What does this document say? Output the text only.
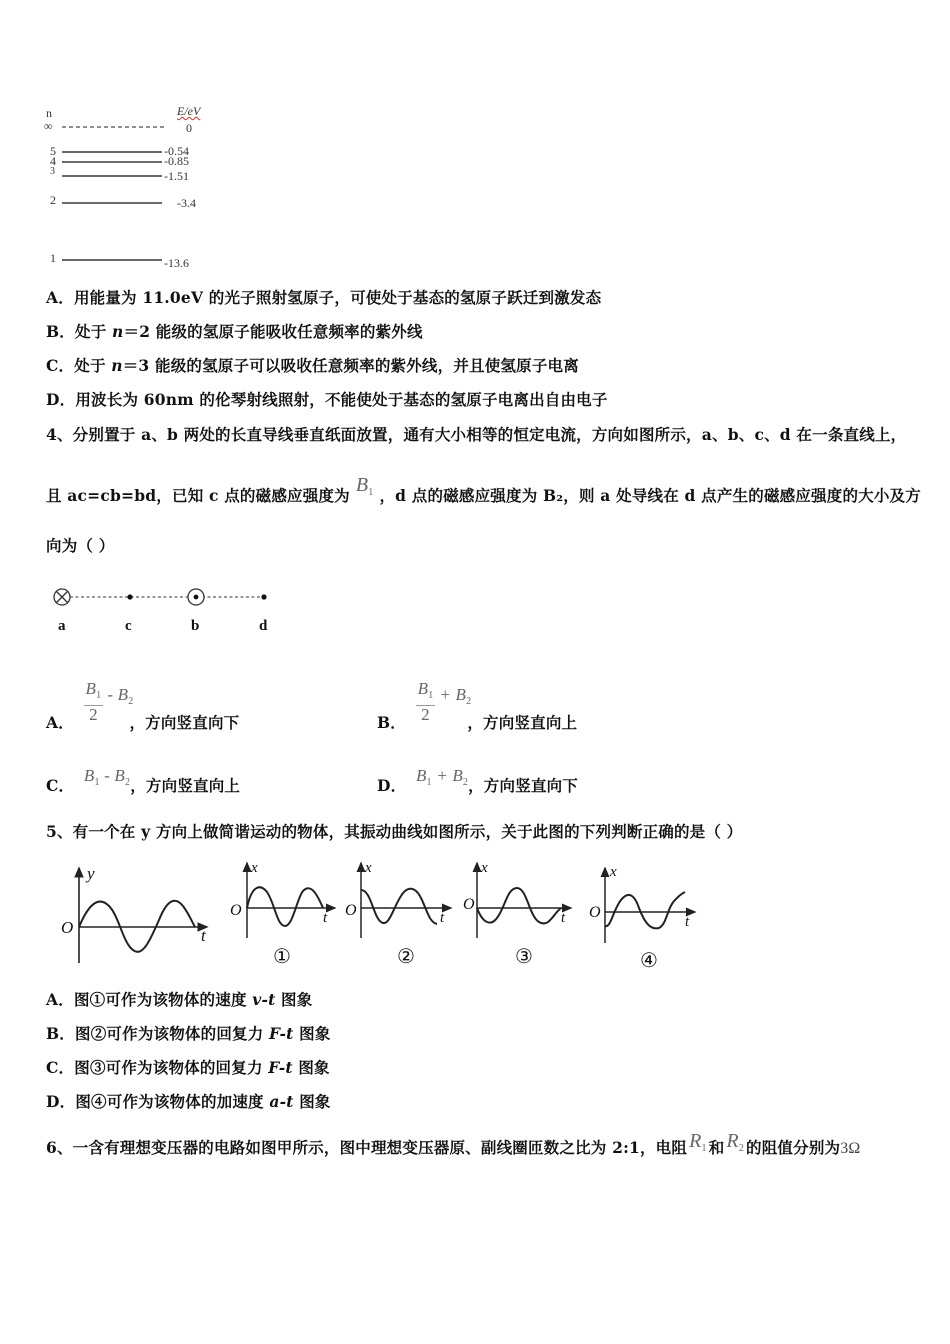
n	E/eV
∞	0
5	-0.54
4	-0.85
3	-1.51
2	-3.4
1	-13.6
A．用能量为 11.0eV 的光子照射氢原子，可使处于基态的氢原子跃迁到激发态
B．处于 n＝2 能级的氢原子能吸收任意频率的紫外线
C．处于 n＝3 能级的氢原子可以吸收任意频率的紫外线，并且使氢原子电离
D．用波长为 60nm 的伦琴射线照射，不能使处于基态的氢原子电离出自由电子
4、分别置于 a、b 两处的长直导线垂直纸面放置，通有大小相等的恒定电流，方向如图所示，a、b、c、d 在一条直线上，
且 ac=cb=bd，已知 c 点的磁感应强度为 $B_1$ ，d 点的磁感应强度为 B₂，则 a 处导线在 d 点产生的磁感应强度的大小及方
向为（ ）
a	c	b	d
A． $\frac{B_1}{2} - B_2$，方向竖直向下	B． $\frac{B_1}{2} + B_2$，方向竖直向上
C． $B_1 - B_2$，方向竖直向上	D． $B_1 + B_2$，方向竖直向下
5、有一个在 y 方向上做简谐运动的物体，其振动曲线如图所示，关于此图的下列判断正确的是（ ）
y
O	t
x
O	t
①
x
O	t
②
x
O
t
③
x
O
t
④
A．图①可作为该物体的速度 v-t 图象
B．图②可作为该物体的回复力 F-t 图象
C．图③可作为该物体的回复力 F-t 图象
D．图④可作为该物体的加速度 a-t 图象
6、一含有理想变压器的电路如图甲所示，图中理想变压器原、副线圈匝数之比为 2:1，电阻 $R_1$ 和 $R_2$ 的阻值分别为3Ω
